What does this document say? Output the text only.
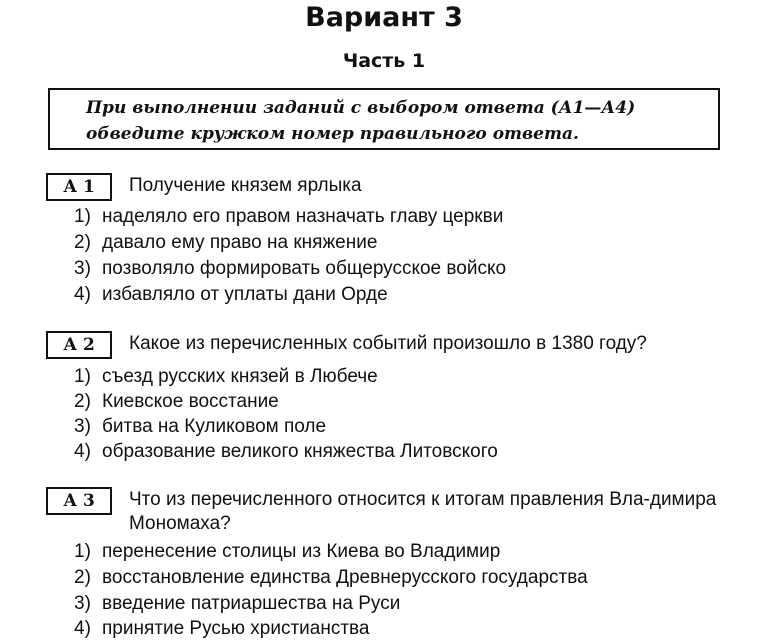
Вариант 3
Часть 1
При выполнении заданий с выбором ответа (А1—А4) обведите кружком номер правильного ответа.
А 1	Получение князем ярлыка
1) наделяло его правом назначать главу церкви
2) давало ему право на княжение
3) позволяло формировать общерусское войско
4) избавляло от уплаты дани Орде
А 2	Какое из перечисленных событий произошло в 1380 году?
1) съезд русских князей в Любече
2) Киевское восстание
3) битва на Куликовом поле
4) образование великого княжества Литовского
А 3	Что из перечисленного относится к итогам правления Вла-димира Мономаха?
1) перенесение столицы из Киева во Владимир
2) восстановление единства Древнерусского государства
3) введение патриаршества на Руси
4) принятие Русью христианства
